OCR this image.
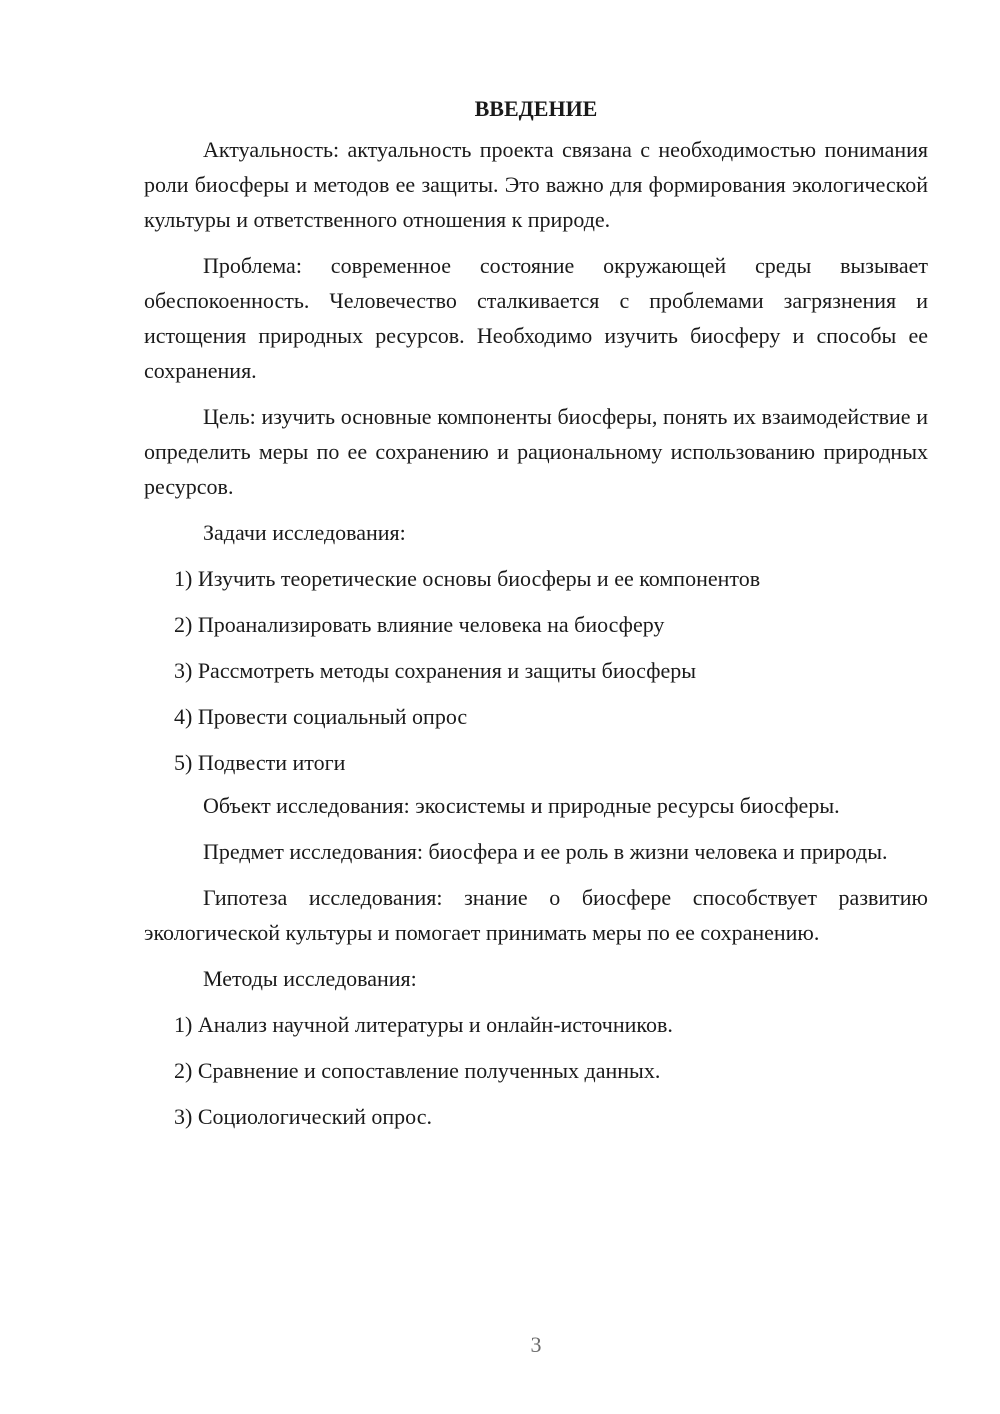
ВВЕДЕНИЕ

Актуальность: актуальность проекта связана с необходимостью понимания роли биосферы и методов ее защиты. Это важно для формирования экологической культуры и ответственного отношения к природе.

Проблема: современное состояние окружающей среды вызывает обеспокоенность. Человечество сталкивается с проблемами загрязнения и истощения природных ресурсов. Необходимо изучить биосферу и способы ее сохранения.

Цель: изучить основные компоненты биосферы, понять их взаимодействие и определить меры по ее сохранению и рациональному использованию природных ресурсов.

Задачи исследования:

1) Изучить теоретические основы биосферы и ее компонентов
2) Проанализировать влияние человека на биосферу
3) Рассмотреть методы сохранения и защиты биосферы
4) Провести социальный опрос
5) Подвести итоги

Объект исследования: экосистемы и природные ресурсы биосферы.

Предмет исследования: биосфера и ее роль в жизни человека и природы.

Гипотеза исследования: знание о биосфере способствует развитию экологической культуры и помогает принимать меры по ее сохранению.

Методы исследования:

1) Анализ научной литературы и онлайн-источников.
2) Сравнение и сопоставление полученных данных.
3) Социологический опрос.
3
